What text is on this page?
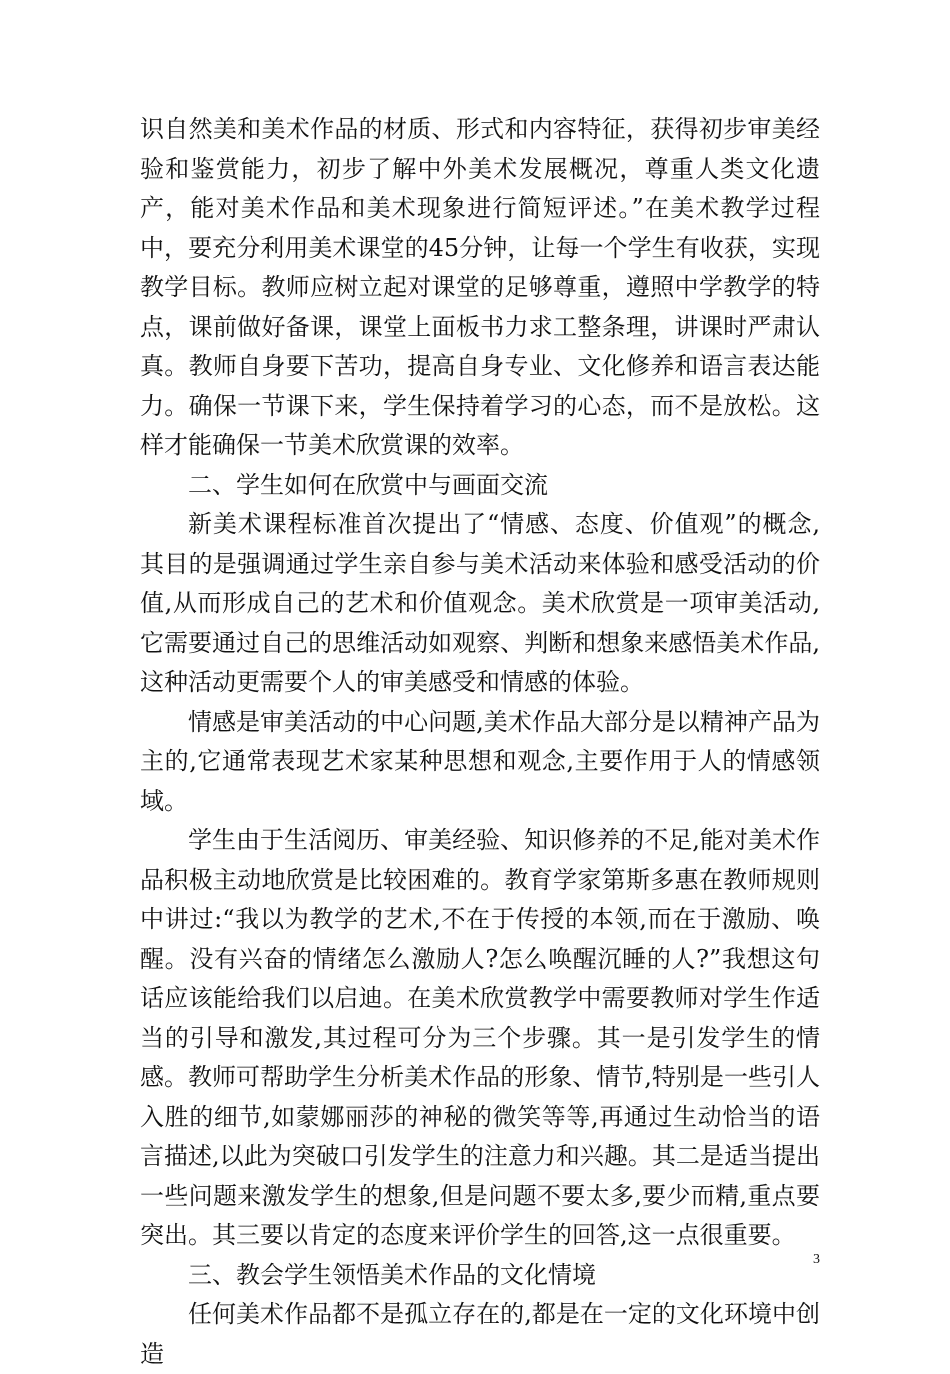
识自然美和美术作品的材质、形式和内容特征，获得初步审美经验和鉴赏能力，初步了解中外美术发展概况，尊重人类文化遗产，能对美术作品和美术现象进行简短评述。”在美术教学过程中，要充分利用美术课堂的45分钟，让每一个学生有收获，实现教学目标。教师应树立起对课堂的足够尊重，遵照中学教学的特点，课前做好备课，课堂上面板书力求工整条理，讲课时严肃认真。教师自身要下苦功，提高自身专业、文化修养和语言表达能力。确保一节课下来，学生保持着学习的心态，而不是放松。这样才能确保一节美术欣赏课的效率。

二、学生如何在欣赏中与画面交流

新美术课程标准首次提出了“情感、态度、价值观”的概念,其目的是强调通过学生亲自参与美术活动来体验和感受活动的价值,从而形成自己的艺术和价值观念。美术欣赏是一项审美活动,它需要通过自己的思维活动如观察、判断和想象来感悟美术作品,这种活动更需要个人的审美感受和情感的体验。

情感是审美活动的中心问题,美术作品大部分是以精神产品为主的,它通常表现艺术家某种思想和观念,主要作用于人的情感领域。

学生由于生活阅历、审美经验、知识修养的不足,能对美术作品积极主动地欣赏是比较困难的。教育学家第斯多惠在教师规则中讲过:“我以为教学的艺术,不在于传授的本领,而在于激励、唤醒。没有兴奋的情绪怎么激励人?怎么唤醒沉睡的人?”我想这句话应该能给我们以启迪。在美术欣赏教学中需要教师对学生作适当的引导和激发,其过程可分为三个步骤。其一是引发学生的情感。教师可帮助学生分析美术作品的形象、情节,特别是一些引人入胜的细节,如蒙娜丽莎的神秘的微笑等等,再通过生动恰当的语言描述,以此为突破口引发学生的注意力和兴趣。其二是适当提出一些问题来激发学生的想象,但是问题不要太多,要少而精,重点要突出。其三要以肯定的态度来评价学生的回答,这一点很重要。

三、教会学生领悟美术作品的文化情境

任何美术作品都不是孤立存在的,都是在一定的文化环境中创造

3
